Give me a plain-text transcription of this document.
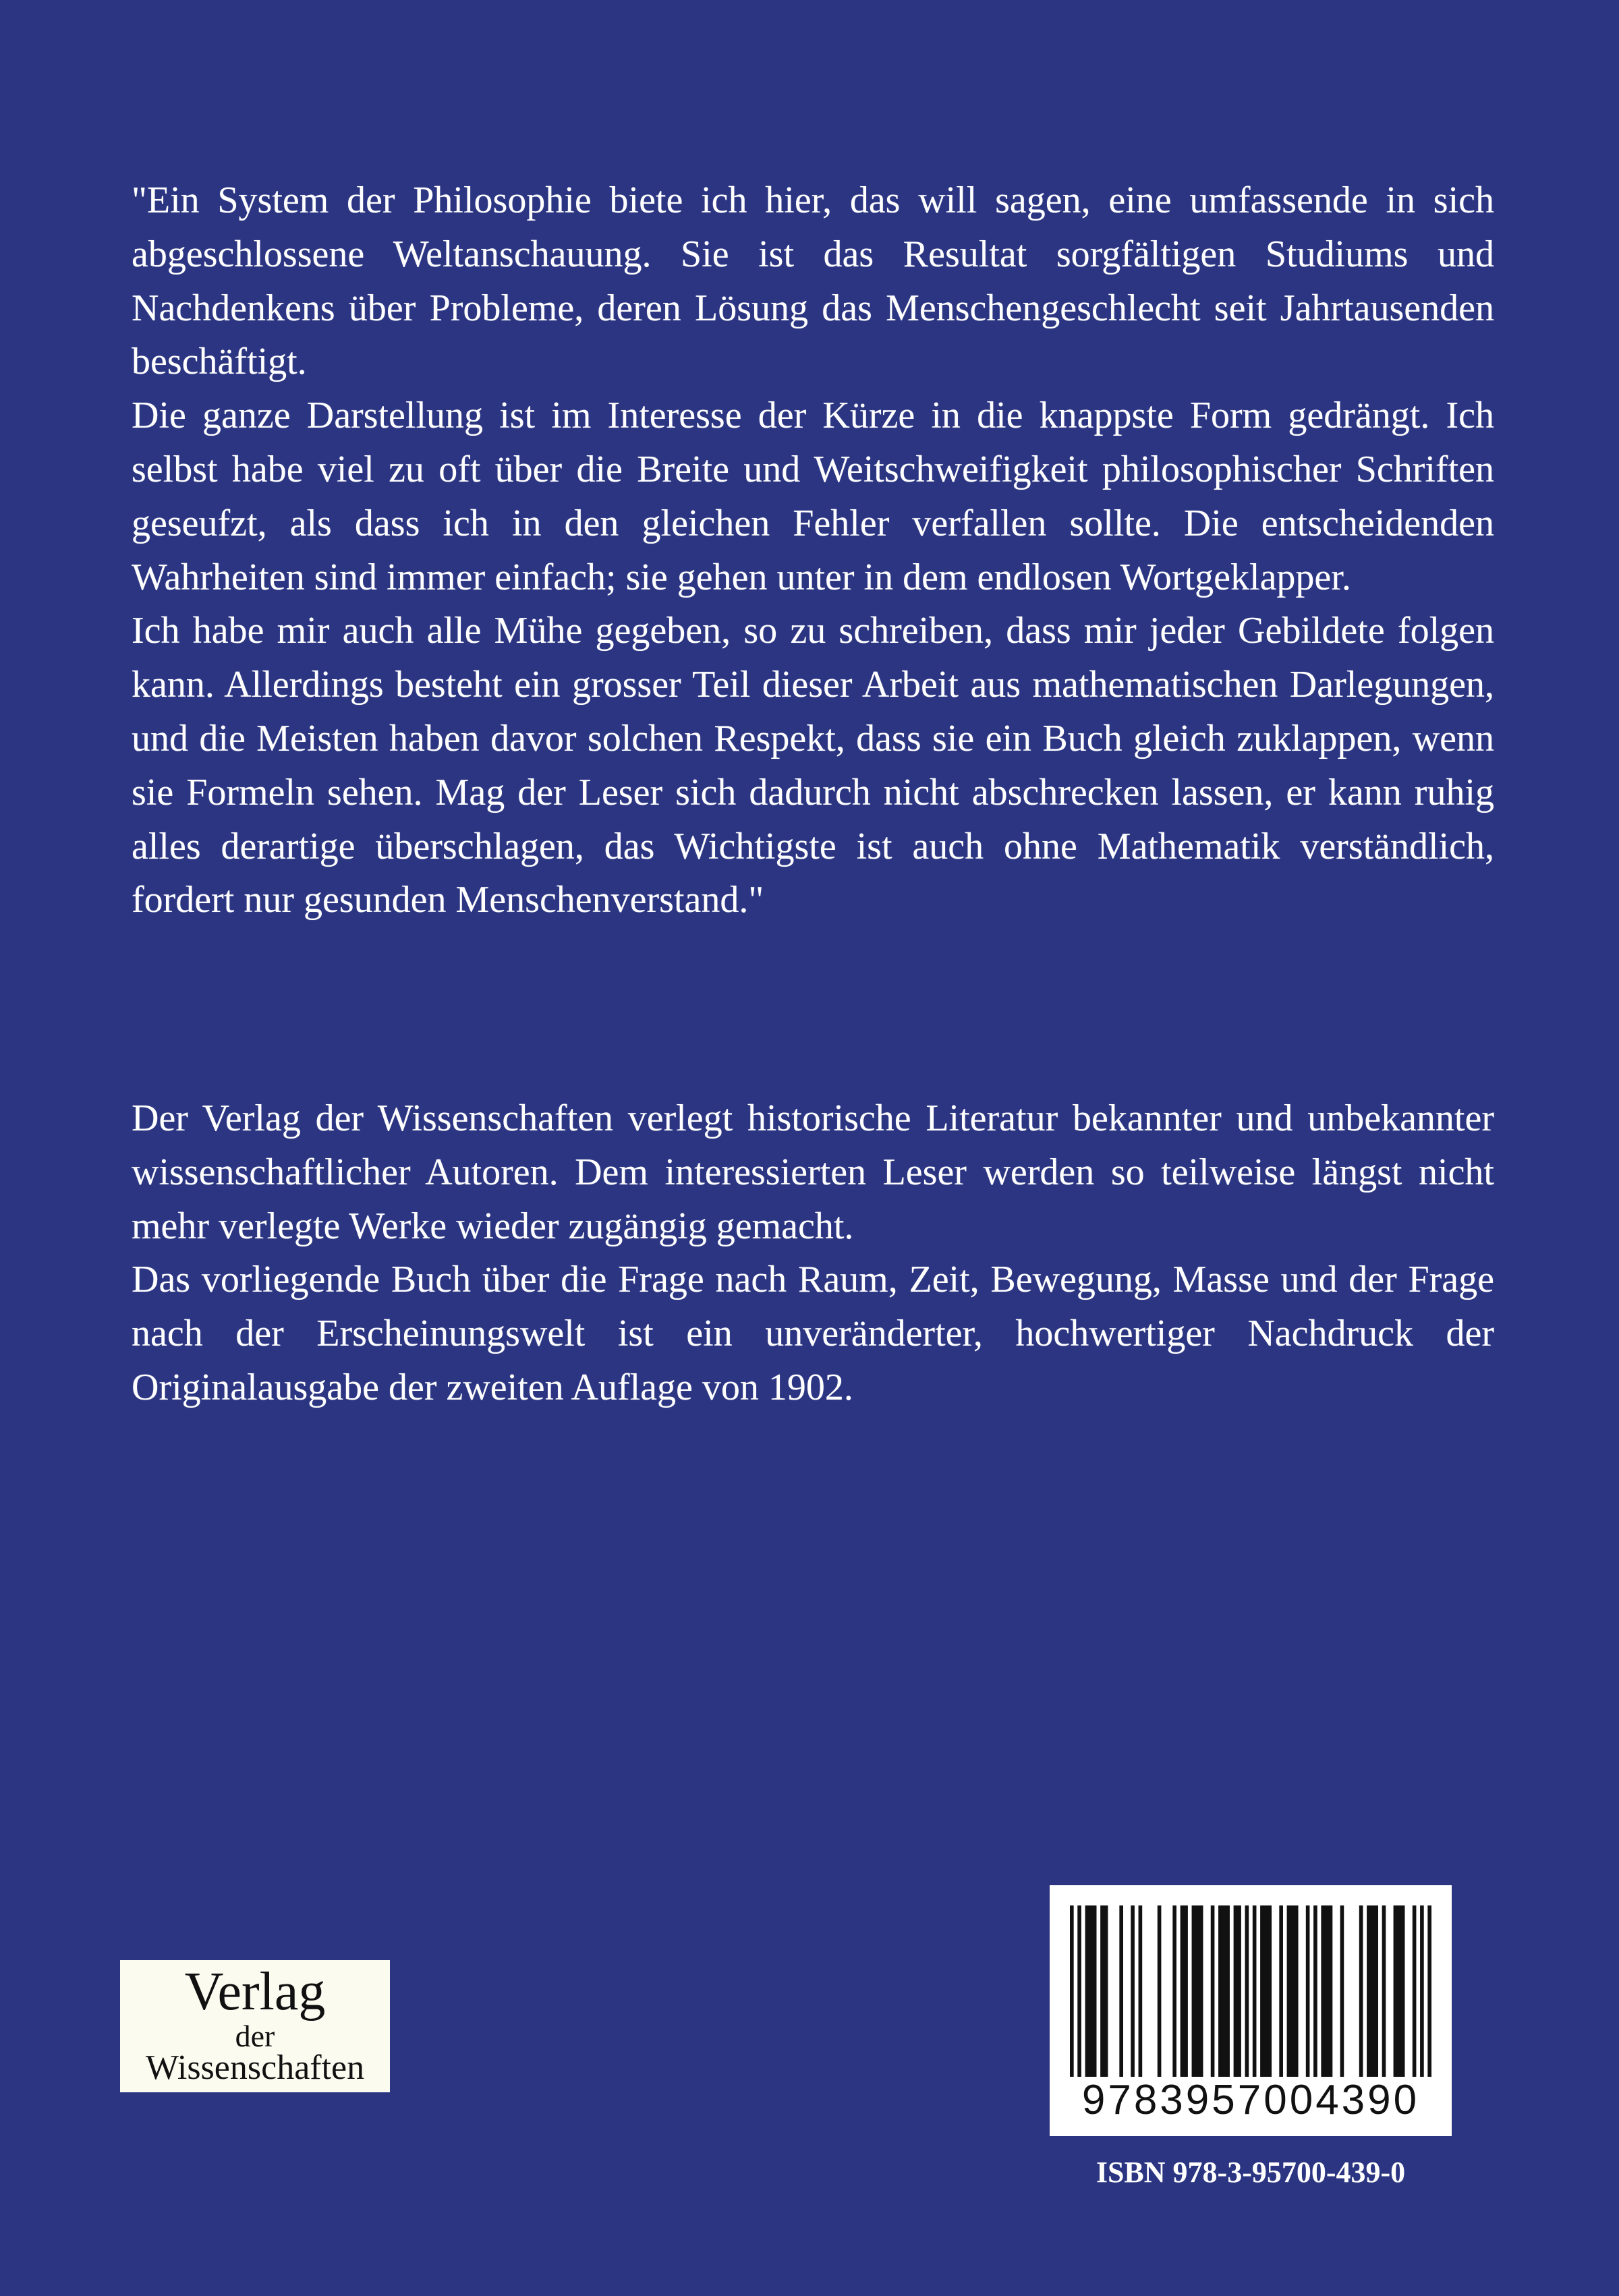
"Ein System der Philosophie biete ich hier, das will sagen, eine umfassende in sich abgeschlossene Weltanschauung. Sie ist das Resultat sorgfältigen Studiums und Nachdenkens über Probleme, deren Lösung das Menschengeschlecht seit Jahrtausenden beschäftigt.

Die ganze Darstellung ist im Interesse der Kürze in die knappste Form gedrängt. Ich selbst habe viel zu oft über die Breite und Weitschweifigkeit philosophischer Schriften geseufzt, als dass ich in den gleichen Fehler verfallen sollte. Die entscheidenden Wahrheiten sind immer einfach; sie gehen unter in dem endlosen Wortgeklapper.

Ich habe mir auch alle Mühe gegeben, so zu schreiben, dass mir jeder Gebildete folgen kann. Allerdings besteht ein grosser Teil dieser Arbeit aus mathematischen Darlegungen, und die Meisten haben davor solchen Respekt, dass sie ein Buch gleich zuklappen, wenn sie Formeln sehen. Mag der Leser sich dadurch nicht abschrecken lassen, er kann ruhig alles derartige überschlagen, das Wichtigste ist auch ohne Mathematik verständlich, fordert nur gesunden Menschenverstand."

Der Verlag der Wissenschaften verlegt historische Literatur bekannter und unbekannter wissenschaftlicher Autoren. Dem interessierten Leser werden so teilweise längst nicht mehr verlegte Werke wieder zugängig gemacht.

Das vorliegende Buch über die Frage nach Raum, Zeit, Bewegung, Masse und der Frage nach der Erscheinungswelt ist ein unveränderter, hochwertiger Nachdruck der Originalausgabe der zweiten Auflage von 1902.

Verlag
der
Wissenschaften
9783957004390
ISBN 978-3-95700-439-0
